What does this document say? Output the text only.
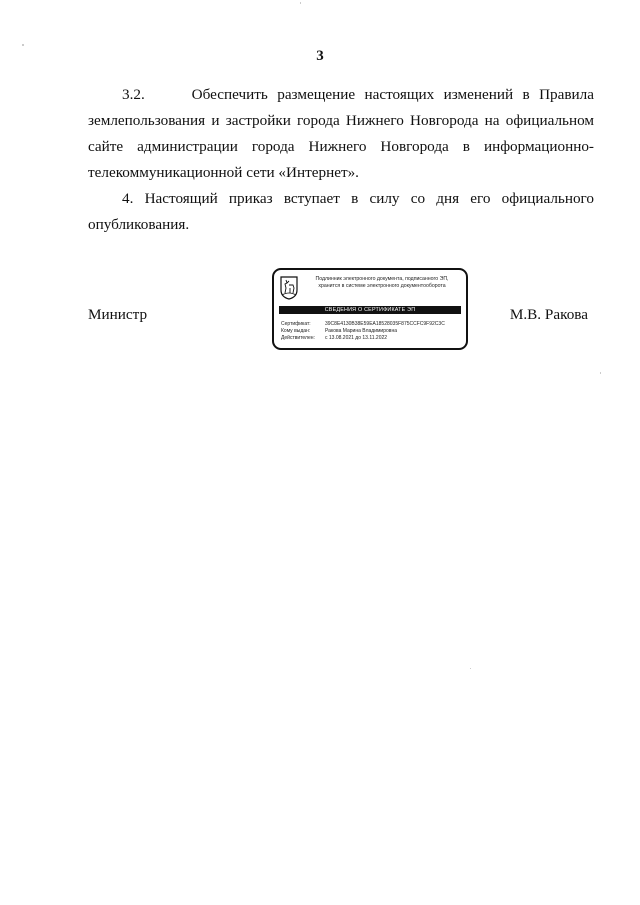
3

3.2.     Обеспечить размещение настоящих изменений в Правила землепользования и застройки города Нижнего Новгорода на официальном сайте администрации города Нижнего Новгорода в информационно-телекоммуникационной сети «Интернет».

4. Настоящий приказ вступает в силу со дня его официального опубликования.

Министр	М.В. Ракова
Подлинник электронного документа, подписанного ЭП,
хранится в системе электронного документооборота
СВЕДЕНИЯ О СЕРТИФИКАТЕ ЭП
Сертификат:	39C8E4130B38E59EA18528035F875CCFC9F92C3C
Кому выдан:	Ракова Марина Владимировна
Действителен: с 13.08.2021 до 13.11.2022
